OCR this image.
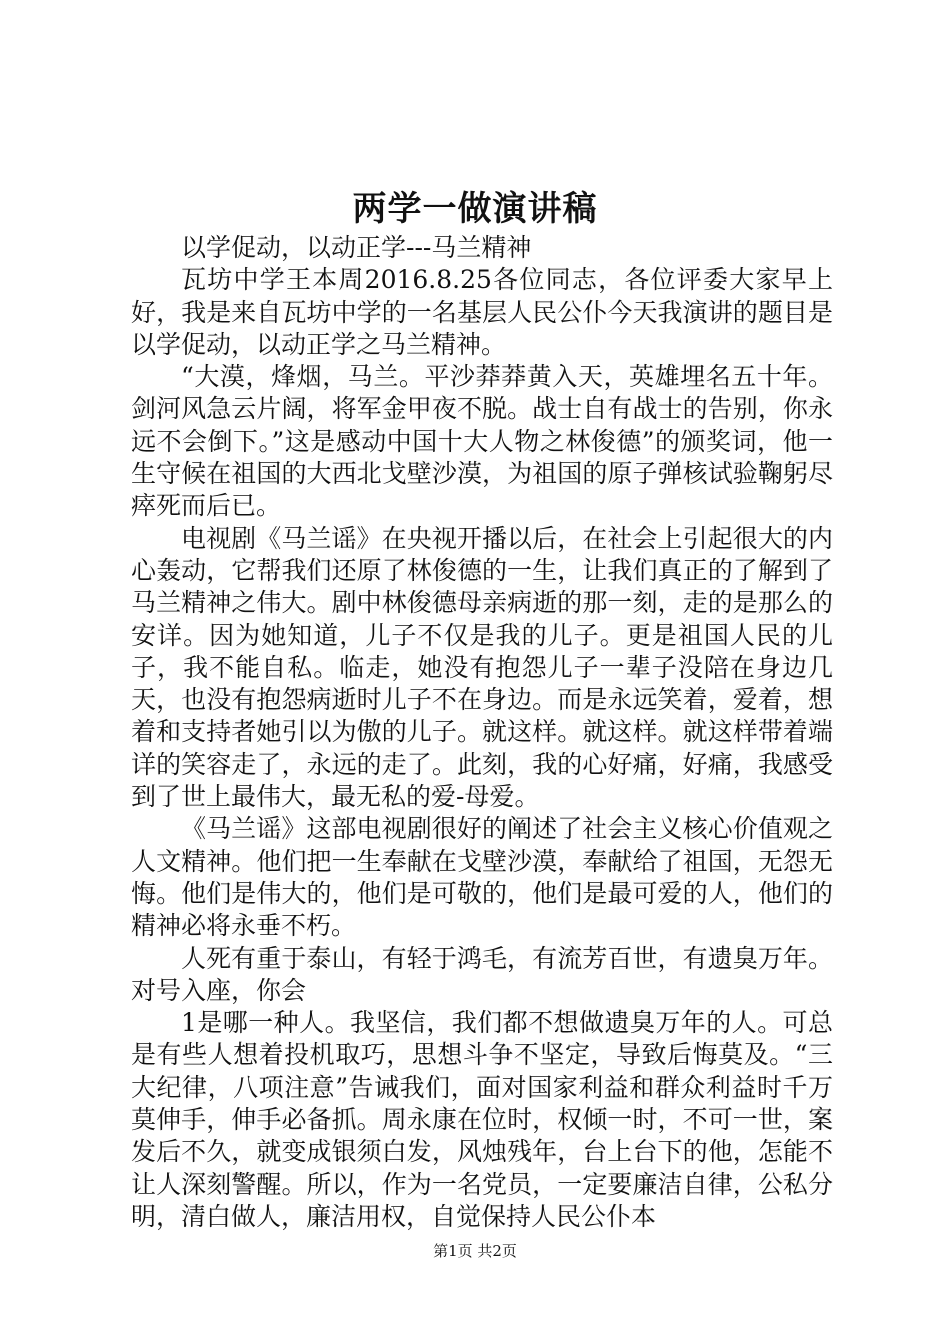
两学一做演讲稿

以学促动，以动正学---马兰精神

瓦坊中学王本周2016.8.25各位同志，各位评委大家早上好，我是来自瓦坊中学的一名基层人民公仆今天我演讲的题目是以学促动，以动正学之马兰精神。

“大漠，烽烟，马兰。平沙莽莽黄入天，英雄埋名五十年。剑河风急云片阔，将军金甲夜不脱。战士自有战士的告别，你永远不会倒下。”这是感动中国十大人物之林俊德”的颁奖词，他一生守候在祖国的大西北戈壁沙漠，为祖国的原子弹核试验鞠躬尽瘁死而后已。

电视剧《马兰谣》在央视开播以后，在社会上引起很大的内心轰动，它帮我们还原了林俊德的一生，让我们真正的了解到了马兰精神之伟大。剧中林俊德母亲病逝的那一刻，走的是那么的安详。因为她知道，儿子不仅是我的儿子。更是祖国人民的儿子，我不能自私。临走，她没有抱怨儿子一辈子没陪在身边几天，也没有抱怨病逝时儿子不在身边。而是永远笑着，爱着，想着和支持者她引以为傲的儿子。就这样。就这样。就这样带着端详的笑容走了，永远的走了。此刻，我的心好痛，好痛，我感受到了世上最伟大，最无私的爱-母爱。

《马兰谣》这部电视剧很好的阐述了社会主义核心价值观之人文精神。他们把一生奉献在戈壁沙漠，奉献给了祖国，无怨无悔。他们是伟大的，他们是可敬的，他们是最可爱的人，他们的精神必将永垂不朽。

人死有重于泰山，有轻于鸿毛，有流芳百世，有遗臭万年。对号入座，你会

1是哪一种人。我坚信，我们都不想做遗臭万年的人。可总是有些人想着投机取巧，思想斗争不坚定，导致后悔莫及。“三大纪律，八项注意”告诫我们，面对国家利益和群众利益时千万莫伸手，伸手必备抓。周永康在位时，权倾一时，不可一世，案发后不久，就变成银须白发，风烛残年，台上台下的他，怎能不让人深刻警醒。所以，作为一名党员，一定要廉洁自律，公私分明，清白做人，廉洁用权，自觉保持人民公仆本

第1页 共2页
